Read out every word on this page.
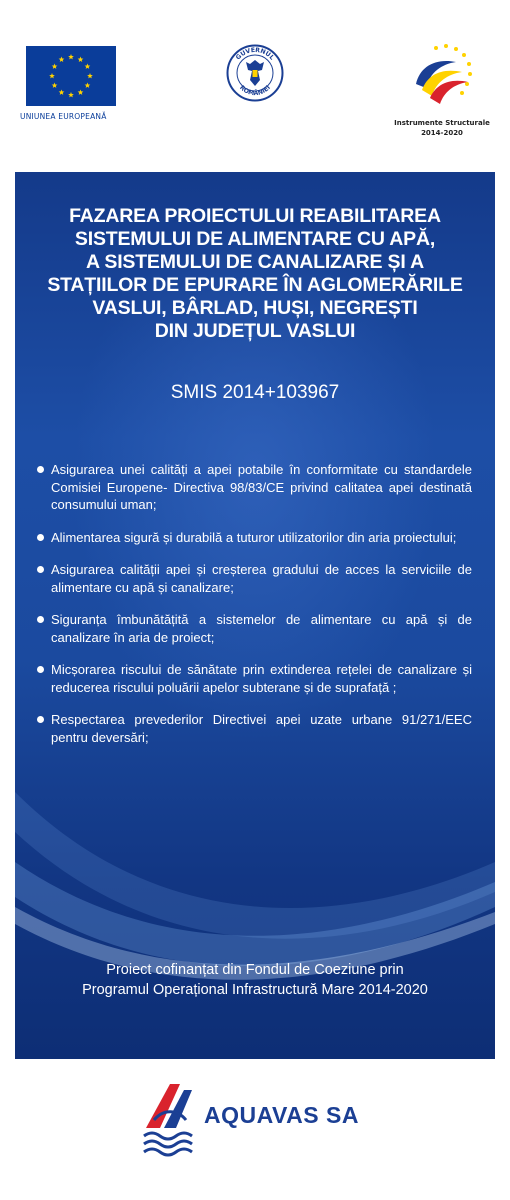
UNIUNEA EUROPEANĂ
GUVERNUL
ROMÂNIEI
Instrumente Structurale
2014-2020
FAZAREA PROIECTULUI REABILITAREA
SISTEMULUI DE ALIMENTARE CU APĂ,
A SISTEMULUI DE CANALIZARE ȘI A
STAȚIILOR DE EPURARE ÎN AGLOMERĂRILE
VASLUI, BÂRLAD, HUȘI, NEGREȘTI
DIN JUDEȚUL VASLUI
SMIS 2014+103967
Asigurarea unei calități a apei potabile în conformitate cu standardele Comisiei Europene- Directiva 98/83/CE privind calitatea apei destinată consumului uman;
Alimentarea sigură și durabilă a tuturor utilizatorilor din aria proiectului;
Asigurarea calității apei și creșterea gradului de acces la serviciile de alimentare cu apă și canalizare;
Siguranța îmbunătățită a sistemelor de alimentare cu apă și de canalizare în aria de proiect;
Micșorarea riscului de sănătate prin extinderea rețelei de canalizare și reducerea riscului poluării apelor subterane și de suprafață ;
Respectarea prevederilor Directivei apei uzate urbane 91/271/EEC pentru deversări;
Proiect cofinanțat din Fondul de Coeziune prin
Programul Operațional Infrastructură Mare 2014-2020
AQUAVAS SA
